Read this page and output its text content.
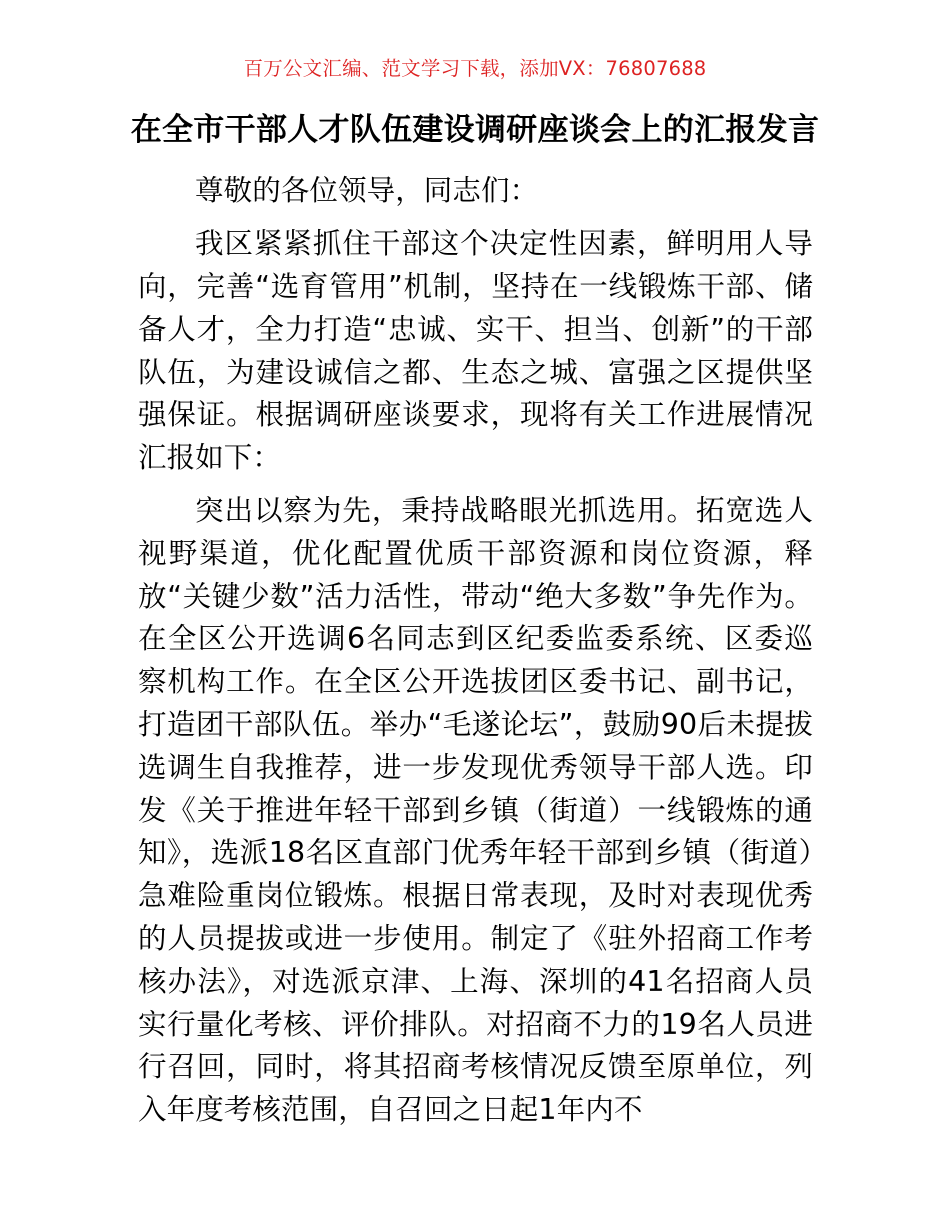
百万公文汇编、范文学习下载，添加VX：76807688
在全市干部人才队伍建设调研座谈会上的汇报发言

尊敬的各位领导，同志们：

我区紧紧抓住干部这个决定性因素，鲜明用人导向，完善“选育管用”机制，坚持在一线锻炼干部、储备人才，全力打造“忠诚、实干、担当、创新”的干部队伍，为建设诚信之都、生态之城、富强之区提供坚强保证。根据调研座谈要求，现将有关工作进展情况汇报如下：

突出以察为先，秉持战略眼光抓选用。拓宽选人视野渠道，优化配置优质干部资源和岗位资源，释放“关键少数”活力活性，带动“绝大多数”争先作为。在全区公开选调6名同志到区纪委监委系统、区委巡察机构工作。在全区公开选拔团区委书记、副书记，打造团干部队伍。举办“毛遂论坛”，鼓励90后未提拔选调生自我推荐，进一步发现优秀领导干部人选。印发《关于推进年轻干部到乡镇（街道）一线锻炼的通知》，选派18名区直部门优秀年轻干部到乡镇（街道）急难险重岗位锻炼。根据日常表现，及时对表现优秀的人员提拔或进一步使用。制定了《驻外招商工作考核办法》，对选派京津、上海、深圳的41名招商人员实行量化考核、评价排队。对招商不力的19名人员进行召回，同时，将其招商考核情况反馈至原单位，列入年度考核范围，自召回之日起1年内不
